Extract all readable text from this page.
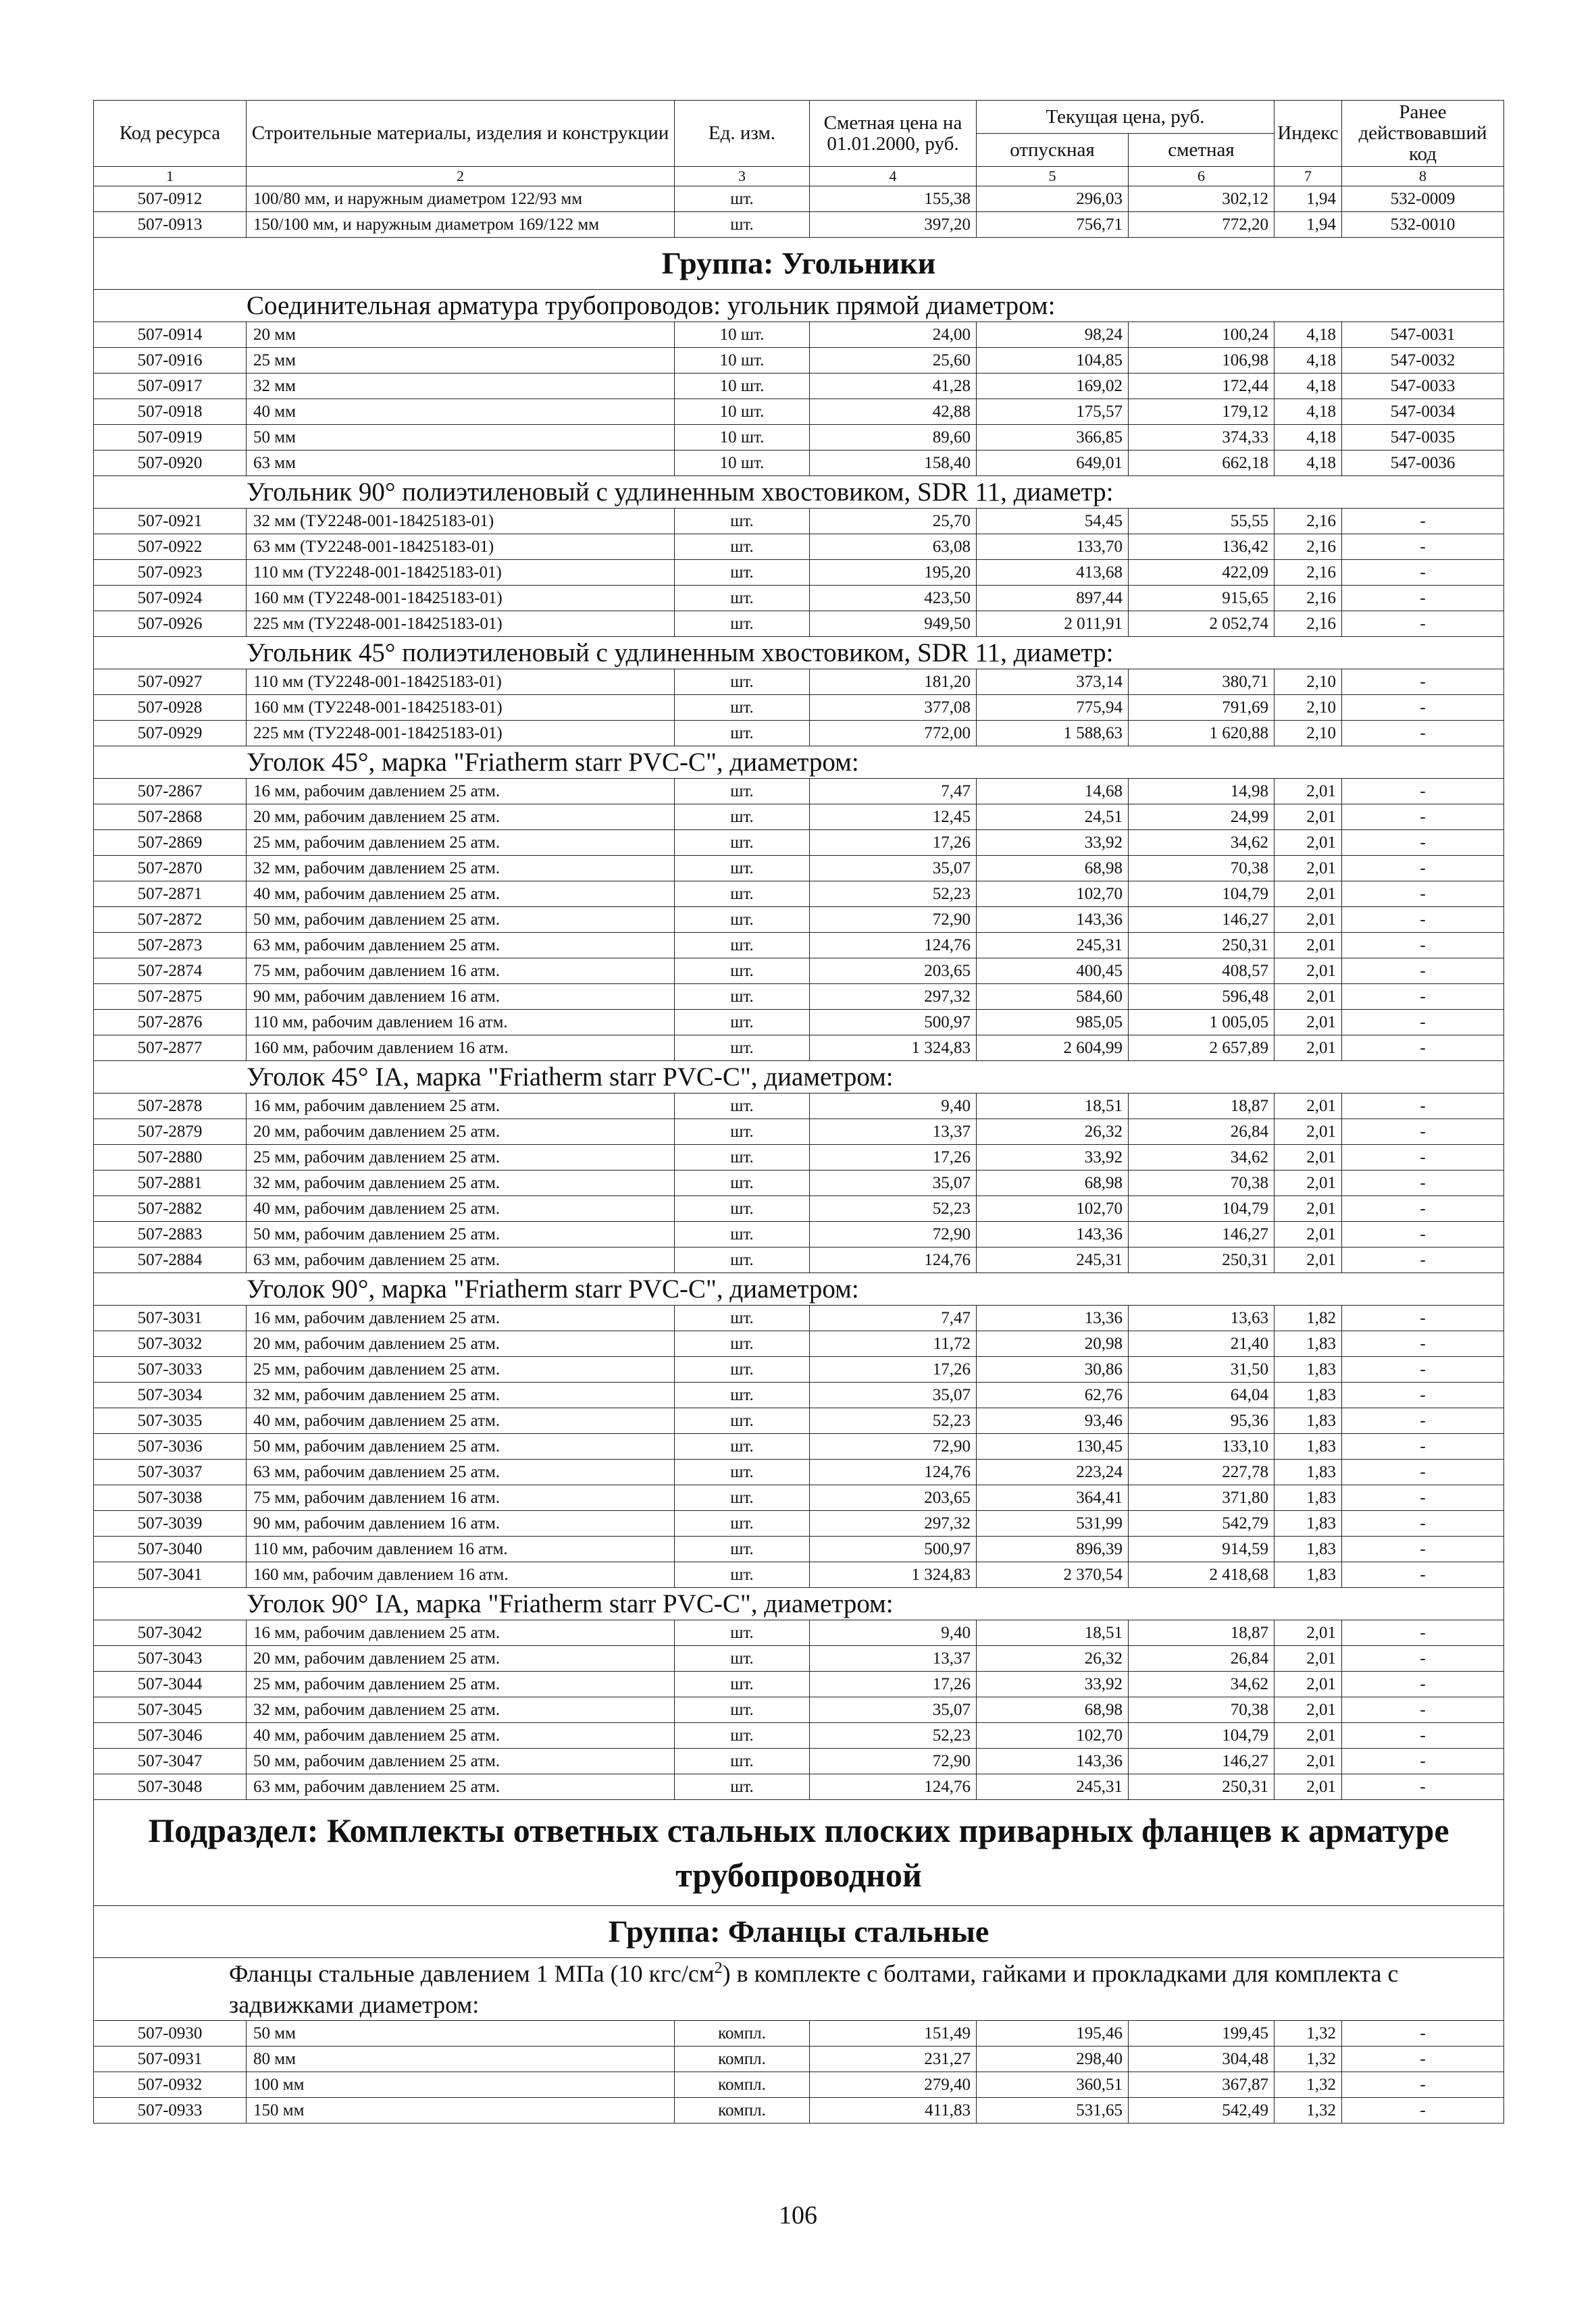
Код ресурса	Строительные материалы, изделия и конструкции	Ед. изм.	Сметная цена на 01.01.2000, руб.	Текущая цена, руб.		Индекс	Ранее действовавший код
				отпускная	сметная		
1	2	3	4	5	6	7	8
507-0912	100/80 мм, и наружным диаметром 122/93 мм	шт.	155,38	296,03	302,12	1,94	532-0009
507-0913	150/100 мм, и наружным диаметром 169/122 мм	шт.	397,20	756,71	772,20	1,94	532-0010
Группа: Угольники							
Соединительная арматура трубопроводов: угольник прямой диаметром:							
507-0914	20 мм	10 шт.	24,00	98,24	100,24	4,18	547-0031
507-0916	25 мм	10 шт.	25,60	104,85	106,98	4,18	547-0032
507-0917	32 мм	10 шт.	41,28	169,02	172,44	4,18	547-0033
507-0918	40 мм	10 шт.	42,88	175,57	179,12	4,18	547-0034
507-0919	50 мм	10 шт.	89,60	366,85	374,33	4,18	547-0035
507-0920	63 мм	10 шт.	158,40	649,01	662,18	4,18	547-0036
Угольник 90° полиэтиленовый с удлиненным хвостовиком, SDR 11, диаметр:							
507-0921	32 мм (ТУ2248-001-18425183-01)	шт.	25,70	54,45	55,55	2,16	-
507-0922	63 мм (ТУ2248-001-18425183-01)	шт.	63,08	133,70	136,42	2,16	-
507-0923	110 мм (ТУ2248-001-18425183-01)	шт.	195,20	413,68	422,09	2,16	-
507-0924	160 мм (ТУ2248-001-18425183-01)	шт.	423,50	897,44	915,65	2,16	-
507-0926	225 мм (ТУ2248-001-18425183-01)	шт.	949,50	2 011,91	2 052,74	2,16	-
Угольник 45° полиэтиленовый с удлиненным хвостовиком, SDR 11, диаметр:							
507-0927	110 мм (ТУ2248-001-18425183-01)	шт.	181,20	373,14	380,71	2,10	-
507-0928	160 мм (ТУ2248-001-18425183-01)	шт.	377,08	775,94	791,69	2,10	-
507-0929	225 мм (ТУ2248-001-18425183-01)	шт.	772,00	1 588,63	1 620,88	2,10	-
Уголок 45°, марка "Friatherm starr PVC-C", диаметром:							
507-2867	16 мм, рабочим давлением 25 атм.	шт.	7,47	14,68	14,98	2,01	-
507-2868	20 мм, рабочим давлением 25 атм.	шт.	12,45	24,51	24,99	2,01	-
507-2869	25 мм, рабочим давлением 25 атм.	шт.	17,26	33,92	34,62	2,01	-
507-2870	32 мм, рабочим давлением 25 атм.	шт.	35,07	68,98	70,38	2,01	-
507-2871	40 мм, рабочим давлением 25 атм.	шт.	52,23	102,70	104,79	2,01	-
507-2872	50 мм, рабочим давлением 25 атм.	шт.	72,90	143,36	146,27	2,01	-
507-2873	63 мм, рабочим давлением 25 атм.	шт.	124,76	245,31	250,31	2,01	-
507-2874	75 мм, рабочим давлением 16 атм.	шт.	203,65	400,45	408,57	2,01	-
507-2875	90 мм, рабочим давлением 16 атм.	шт.	297,32	584,60	596,48	2,01	-
507-2876	110 мм, рабочим давлением 16 атм.	шт.	500,97	985,05	1 005,05	2,01	-
507-2877	160 мм, рабочим давлением 16 атм.	шт.	1 324,83	2 604,99	2 657,89	2,01	-
Уголок 45° IA, марка "Friatherm starr PVC-C", диаметром:							
507-2878	16 мм, рабочим давлением 25 атм.	шт.	9,40	18,51	18,87	2,01	-
507-2879	20 мм, рабочим давлением 25 атм.	шт.	13,37	26,32	26,84	2,01	-
507-2880	25 мм, рабочим давлением 25 атм.	шт.	17,26	33,92	34,62	2,01	-
507-2881	32 мм, рабочим давлением 25 атм.	шт.	35,07	68,98	70,38	2,01	-
507-2882	40 мм, рабочим давлением 25 атм.	шт.	52,23	102,70	104,79	2,01	-
507-2883	50 мм, рабочим давлением 25 атм.	шт.	72,90	143,36	146,27	2,01	-
507-2884	63 мм, рабочим давлением 25 атм.	шт.	124,76	245,31	250,31	2,01	-
Уголок 90°, марка "Friatherm starr PVC-C", диаметром:							
507-3031	16 мм, рабочим давлением 25 атм.	шт.	7,47	13,36	13,63	1,82	-
507-3032	20 мм, рабочим давлением 25 атм.	шт.	11,72	20,98	21,40	1,83	-
507-3033	25 мм, рабочим давлением 25 атм.	шт.	17,26	30,86	31,50	1,83	-
507-3034	32 мм, рабочим давлением 25 атм.	шт.	35,07	62,76	64,04	1,83	-
507-3035	40 мм, рабочим давлением 25 атм.	шт.	52,23	93,46	95,36	1,83	-
507-3036	50 мм, рабочим давлением 25 атм.	шт.	72,90	130,45	133,10	1,83	-
507-3037	63 мм, рабочим давлением 25 атм.	шт.	124,76	223,24	227,78	1,83	-
507-3038	75 мм, рабочим давлением 16 атм.	шт.	203,65	364,41	371,80	1,83	-
507-3039	90 мм, рабочим давлением 16 атм.	шт.	297,32	531,99	542,79	1,83	-
507-3040	110 мм, рабочим давлением 16 атм.	шт.	500,97	896,39	914,59	1,83	-
507-3041	160 мм, рабочим давлением 16 атм.	шт.	1 324,83	2 370,54	2 418,68	1,83	-
Уголок 90° IA, марка "Friatherm starr PVC-C", диаметром:							
507-3042	16 мм, рабочим давлением 25 атм.	шт.	9,40	18,51	18,87	2,01	-
507-3043	20 мм, рабочим давлением 25 атм.	шт.	13,37	26,32	26,84	2,01	-
507-3044	25 мм, рабочим давлением 25 атм.	шт.	17,26	33,92	34,62	2,01	-
507-3045	32 мм, рабочим давлением 25 атм.	шт.	35,07	68,98	70,38	2,01	-
507-3046	40 мм, рабочим давлением 25 атм.	шт.	52,23	102,70	104,79	2,01	-
507-3047	50 мм, рабочим давлением 25 атм.	шт.	72,90	143,36	146,27	2,01	-
507-3048	63 мм, рабочим давлением 25 атм.	шт.	124,76	245,31	250,31	2,01	-
Подраздел: Комплекты ответных стальных плоских приварных фланцев к арматуре трубопроводной							
Группа: Фланцы стальные							
Фланцы стальные давлением 1 МПа (10 кгс/$см^2$) в комплекте с болтами, гайками и прокладками для комплекта с задвижками диаметром:							
507-0930	50 мм	компл.	151,49	195,46	199,45	1,32	-
507-0931	80 мм	компл.	231,27	298,40	304,48	1,32	-
507-0932	100 мм	компл.	279,40	360,51	367,87	1,32	-
507-0933	150 мм	компл.	411,83	531,65	542,49	1,32	-
106
